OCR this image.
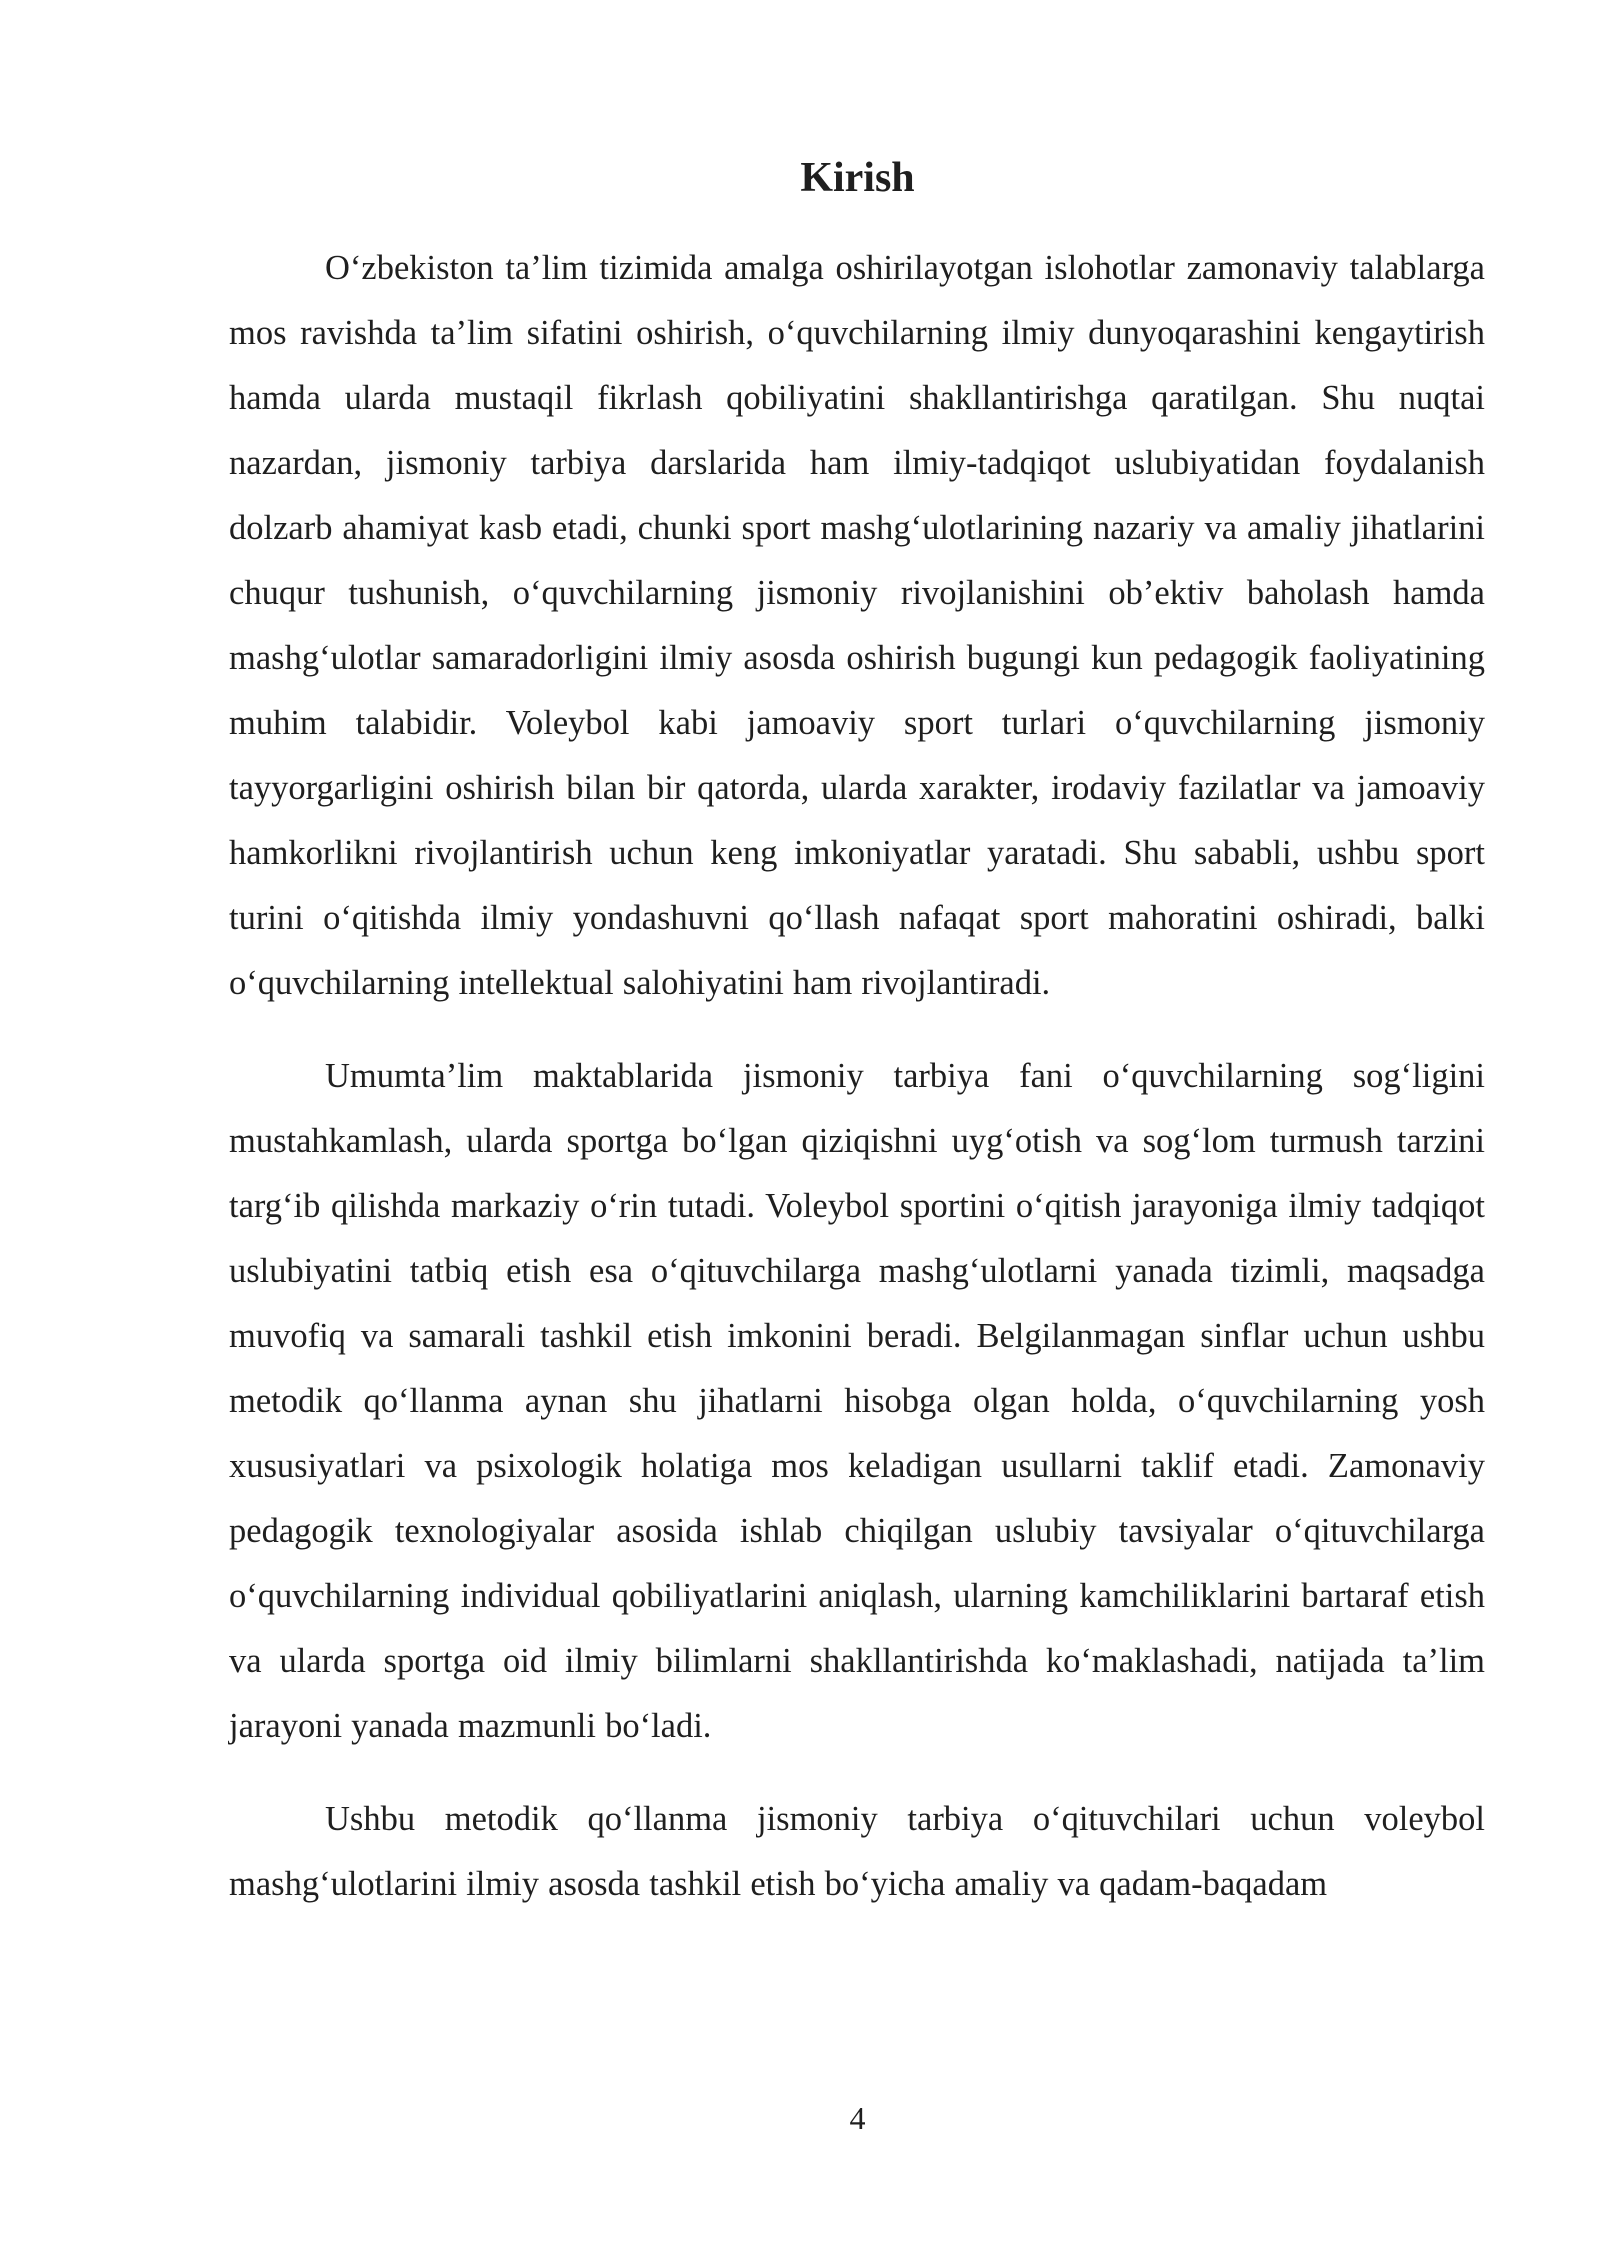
Kirish

O‘zbekiston ta’lim tizimida amalga oshirilayotgan islohotlar zamonaviy talablarga mos ravishda ta’lim sifatini oshirish, o‘quvchilarning ilmiy dunyoqarashini kengaytirish hamda ularda mustaqil fikrlash qobiliyatini shakllantirishga qaratilgan. Shu nuqtai nazardan, jismoniy tarbiya darslarida ham ilmiy-tadqiqot uslubiyatidan foydalanish dolzarb ahamiyat kasb etadi, chunki sport mashg‘ulotlarining nazariy va amaliy jihatlarini chuqur tushunish, o‘quvchilarning jismoniy rivojlanishini ob’ektiv baholash hamda mashg‘ulotlar samaradorligini ilmiy asosda oshirish bugungi kun pedagogik faoliyatining muhim talabidir. Voleybol kabi jamoaviy sport turlari o‘quvchilarning jismoniy tayyorgarligini oshirish bilan bir qatorda, ularda xarakter, irodaviy fazilatlar va jamoaviy hamkorlikni rivojlantirish uchun keng imkoniyatlar yaratadi. Shu sababli, ushbu sport turini o‘qitishda ilmiy yondashuvni qo‘llash nafaqat sport mahoratini oshiradi, balki o‘quvchilarning intellektual salohiyatini ham rivojlantiradi.

Umumta’lim maktablarida jismoniy tarbiya fani o‘quvchilarning sog‘ligini mustahkamlash, ularda sportga bo‘lgan qiziqishni uyg‘otish va sog‘lom turmush tarzini targ‘ib qilishda markaziy o‘rin tutadi. Voleybol sportini o‘qitish jarayoniga ilmiy tadqiqot uslubiyatini tatbiq etish esa o‘qituvchilarga mashg‘ulotlarni yanada tizimli, maqsadga muvofiq va samarali tashkil etish imkonini beradi. Belgilanmagan sinflar uchun ushbu metodik qo‘llanma aynan shu jihatlarni hisobga olgan holda, o‘quvchilarning yosh xususiyatlari va psixologik holatiga mos keladigan usullarni taklif etadi. Zamonaviy pedagogik texnologiyalar asosida ishlab chiqilgan uslubiy tavsiyalar o‘qituvchilarga o‘quvchilarning individual qobiliyatlarini aniqlash, ularning kamchiliklarini bartaraf etish va ularda sportga oid ilmiy bilimlarni shakllantirishda ko‘maklashadi, natijada ta’lim jarayoni yanada mazmunli bo‘ladi.

Ushbu metodik qo‘llanma jismoniy tarbiya o‘qituvchilari uchun voleybol mashg‘ulotlarini ilmiy asosda tashkil etish bo‘yicha amaliy va qadam-baqadam

4
